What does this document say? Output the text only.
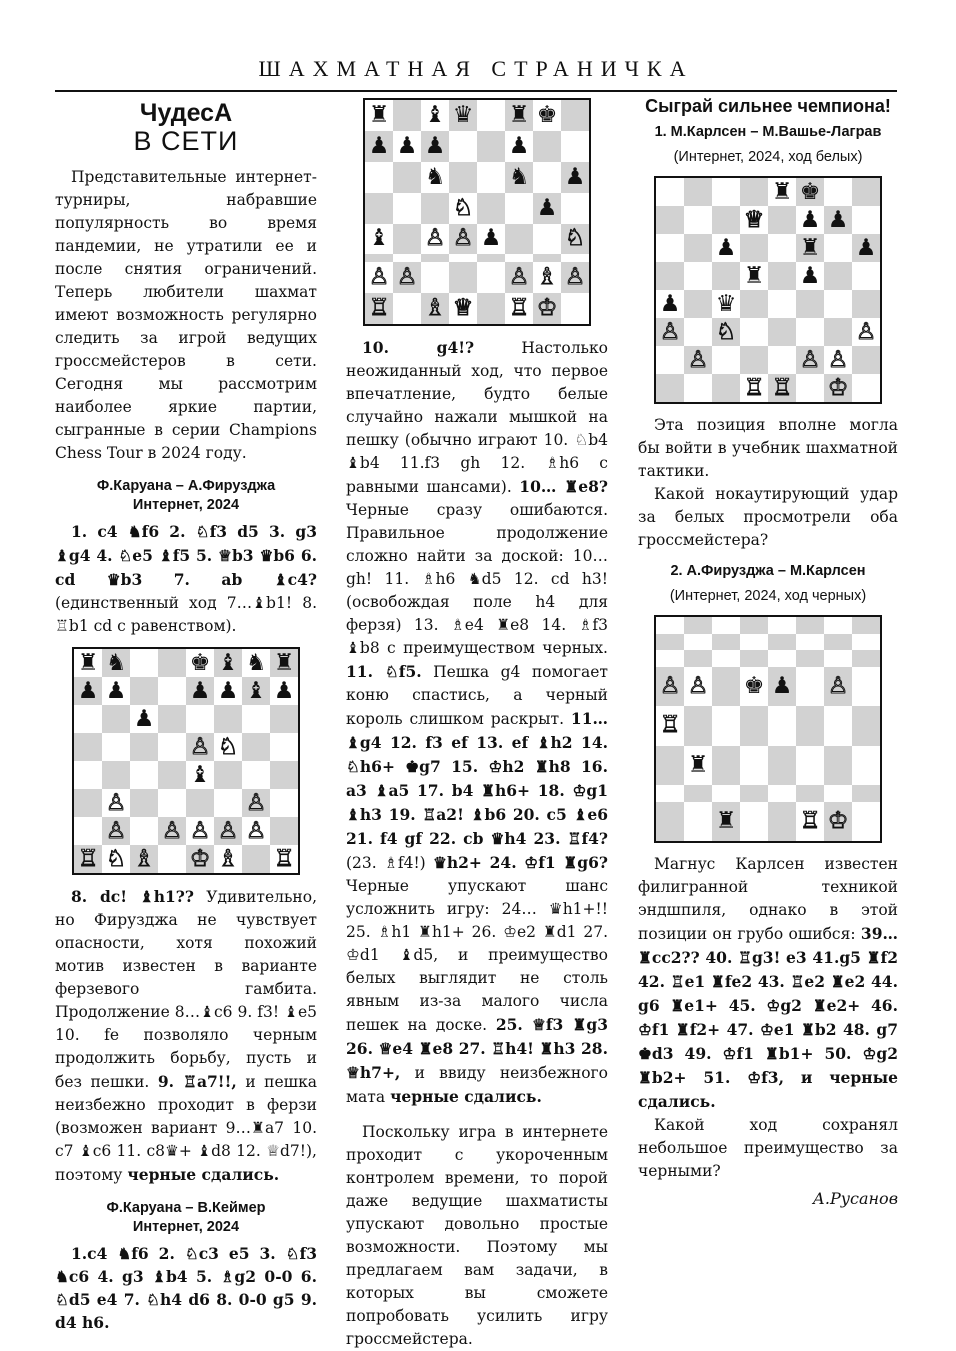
ШАХМАТНАЯ СТРАНИЧКА
ЧудесА
В СЕТИ

Представительные интернет-турниры, набравшие популярность во время пандемии, не утратили ее и после снятия ограничений. Теперь любители шахмат имеют возможность регулярно следить за игрой ведущих гроссмейстеров в сети. Сегодня мы рассмотрим наиболее яркие партии, сыгранные в серии Champions Chess Tour в 2024 году.

Ф.Каруана – А.Фирузджа
Интернет, 2024

1. c4 ♞f6 2. ♘f3 d5 3. g3 ♝g4 4. ♘e5 ♝f5 5. ♕b3 ♛b6 6. cd ♛b3 7. ab ♝c4? (единственный ход 7…♝b1! 8. ♖b1 cd с равенством).

♜ ♞	♚ ♝ ♞ ♜
♟ ♟	♟ ♟ ♝ ♟
♟
♙ ♘
♝
♙	♙
♙ ♙ ♙ ♙ ♙
♖ ♘ ♗ ♔ ♗ ♖

8. dc! ♝h1?? Удивительно, но Фирузджа не чувствует опасности, хотя похожий мотив известен в варианте ферзевого гамбита. Продолжение 8…♝c6 9. f3! ♝e5 10. fe позволяло черным продолжить борьбу, пусть и без пешки. 9. ♖a7!!, и пешка неизбежно проходит в ферзи (возможен вариант 9…♜a7 10. c7 ♝c6 11. c8♛+ ♝d8 12. ♕d7!), поэтому черные сдались.

Ф.Каруана – В.Кеймер
Интернет, 2024

1.c4 ♞f6 2. ♘c3 e5 3. ♘f3 ♞c6 4. g3 ♝b4 5. ♗g2 0-0 6. ♘d5 e4 7. ♘h4 d6 8. 0-0 g5 9. d4 h6.

♜ ♝ ♛ ♜ ♚
♟ ♟ ♟	♟
♞	♞ ♟
♘	♟
♝ ♙ ♙ ♟	♘
♙ ♙	♙ ♗ ♙
♖ ♗ ♕ ♖ ♔

10. g4!?	Настолько неожиданный ход, что первое впечатление, будто белые случайно нажали мышкой на пешку (обычно играют 10. ♘b4 ♝b4 11.f3 gh 12. ♗h6 с равными шансами). 10… ♜e8? Черные сразу ошибаются. Правильное продолжение сложно найти за доской: 10…gh! 11. ♗h6 ♞d5 12. cd h3! (освобождая поле h4 для ферзя) 13. ♗e4 ♜e8 14. ♗f3 ♝b8 с преимуществом черных. 11. ♘f5. Пешка g4 помогает коню спастись, а черный король слишком раскрыт. 11…♝g4 12. f3 ef 13. ef ♝h2 14. ♘h6+ ♚g7 15. ♔h2 ♜h8 16. a3 ♝a5 17. b4 ♜h6+ 18. ♔g1 ♝h3 19. ♖a2! ♝b6 20. c5 ♝e6 21. f4 gf 22. cb ♛h4 23. ♖f4? (23. ♗f4!) ♛h2+ 24. ♔f1 ♜g6? Черные упускают шанс усложнить игру: 24… ♛h1+!! 25. ♗h1 ♜h1+ 26. ♔e2 ♜d1 27. ♔d1 ♝d5, и преимущество белых выглядит не столь явным из-за малого числа пешек на доске. 25. ♕f3 ♜g3 26. ♕e4 ♜e8 27. ♖h4! ♜h3 28. ♕h7+, и ввиду неизбежного мата черные сдались.

Поскольку игра в интернете проходит с укороченным контролем времени, то порой даже ведущие шахматисты упускают довольно простые возможности. Поэтому мы предлагаем вам задачи, в которых вы сможете попробовать усилить игру гроссмейстера.

Сыграй сильнее чемпиона!
1. М.Карлсен – М.Вашье-Лаграв
(Интернет, 2024, ход белых)
♜ ♚
♕ ♟ ♟
♟	♜ ♟
♜ ♟
♟ ♛
♙ ♘	♙
♙	♙ ♙
♖ ♖ ♔

Эта позиция вполне могла бы войти в учебник шахматной тактики.

Какой нокаутирующий удар за белых просмотрели оба гроссмейстера?

2. А.Фирузджа – М.Карлсен
(Интернет, 2024, ход черных)
♙ ♙ ♚ ♟ ♙
♖
♜
♜	♖ ♔

Магнус Карлсен известен филигранной техникой эндшпиля, однако в этой позиции он грубо ошибся: 39… ♜cc2?? 40. ♖g3! e3 41.g5 ♜f2 42. ♖e1 ♜fe2 43. ♖e2 ♜e2 44. g6 ♜e1+ 45. ♔g2 ♜e2+ 46. ♔f1 ♜f2+ 47. ♔e1 ♜b2 48. g7 ♚d3 49. ♔f1 ♜b1+ 50. ♔g2 ♜b2+ 51. ♔f3, и черные сдались.

Какой ход сохранял небольшое преимущество за черными?

А.Русанов
